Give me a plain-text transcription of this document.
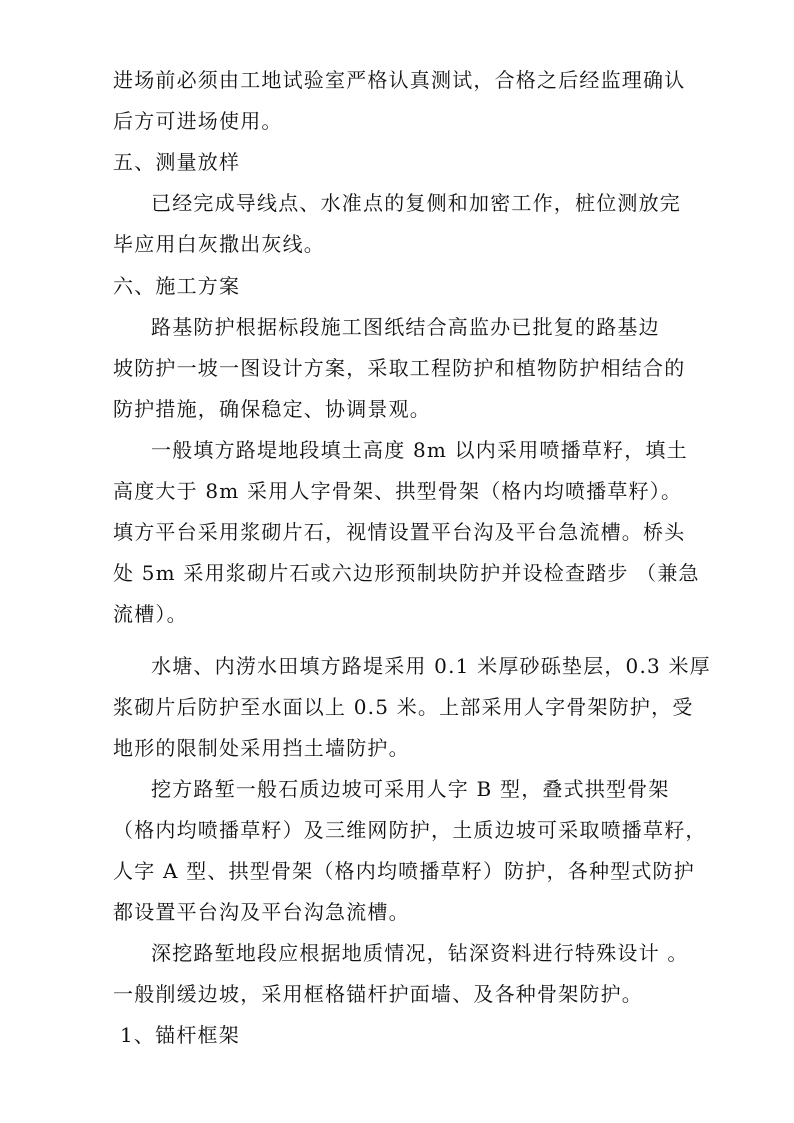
进场前必须由工地试验室严格认真测试，合格之后经监理确认
后方可进场使用。
五、测量放样
已经完成导线点、水准点的复侧和加密工作，桩位测放完
毕应用白灰撒出灰线。
六、施工方案
路基防护根据标段施工图纸结合高监办已批复的路基边
坡防护一坡一图设计方案，采取工程防护和植物防护相结合的
防护措施，确保稳定、协调景观。
一般填方路堤地段填土高度 8m 以内采用喷播草籽，填土
高度大于 8m 采用人字骨架、拱型骨架（格内均喷播草籽）。
填方平台采用浆砌片石，视情设置平台沟及平台急流槽。桥头
处 5m 采用浆砌片石或六边形预制块防护并设检查踏步 （兼急
流槽）。
水塘、内涝水田填方路堤采用 0.1 米厚砂砾垫层，0.3 米厚
浆砌片后防护至水面以上 0.5 米。上部采用人字骨架防护，受
地形的限制处采用挡土墙防护。
挖方路堑一般石质边坡可采用人字 B 型，叠式拱型骨架
（格内均喷播草籽）及三维网防护，土质边坡可采取喷播草籽，
人字 A 型、拱型骨架（格内均喷播草籽）防护，各种型式防护
都设置平台沟及平台沟急流槽。
深挖路堑地段应根据地质情况，钻深资料进行特殊设计 。
一般削缓边坡，采用框格锚杆护面墙、及各种骨架防护。
1、锚杆框架
